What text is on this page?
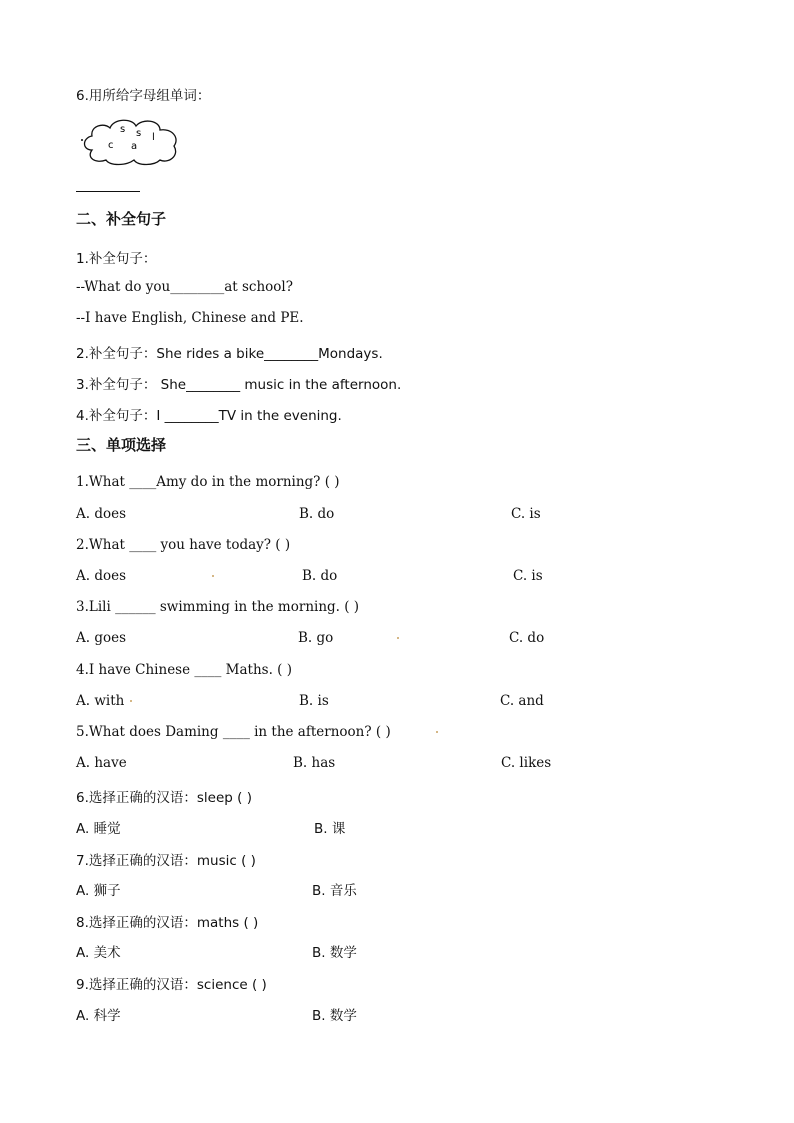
6.用所给字母组单词：
s s l
c a
二、补全句子
1.补全句子：
--What do you________at school?
--I have English, Chinese and PE.
2.补全句子：She rides a bike________Mondays.
3.补全句子： She________ music in the afternoon.
4.补全句子：I ________TV in the evening.
三、单项选择
1.What ____Amy do in the morning? ( )
A. does	B. do	C. is
2.What ____ you have today? ( )
A. does	B. do	C. is
3.Lili ______ swimming in the morning. ( )
A. goes	B. go	C. do
4.I have Chinese ____ Maths. ( )
A. with	B. is	C. and
5.What does Daming ____ in the afternoon? ( )
A. have	B. has	C. likes
6.选择正确的汉语：sleep ( )
A. 睡觉	B. 课
7.选择正确的汉语：music ( )
A. 狮子	B. 音乐
8.选择正确的汉语：maths ( )
A. 美术	B. 数学
9.选择正确的汉语：science ( )
A. 科学	B. 数学
